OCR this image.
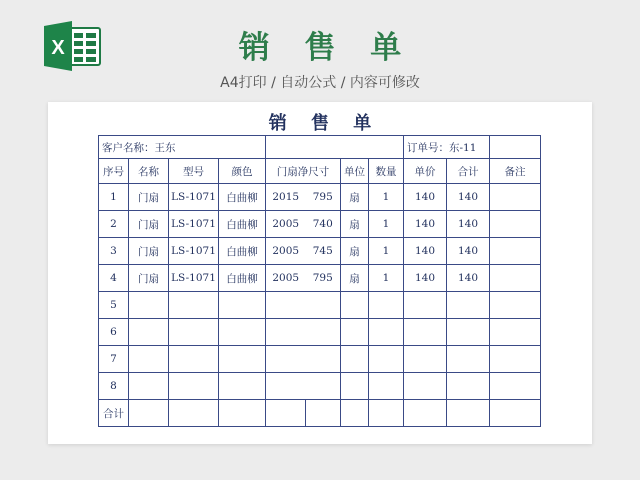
X	销 售 单
A4打印 / 自动公式 / 内容可修改
销 售 单
客户名称：王东								订单号：东-11		
序号	名称	型号	颜色	门扇净尺寸		单位	数量	单价	合计	备注
1	门扇	LS-1071	白曲柳	2015	795	扇	1	140	140	
2	门扇	LS-1071	白曲柳	2005	740	扇	1	140	140	
3	门扇	LS-1071	白曲柳	2005	745	扇	1	140	140	
4	门扇	LS-1071	白曲柳	2005	795	扇	1	140	140	
5										
6										
7										
8										
合计										
